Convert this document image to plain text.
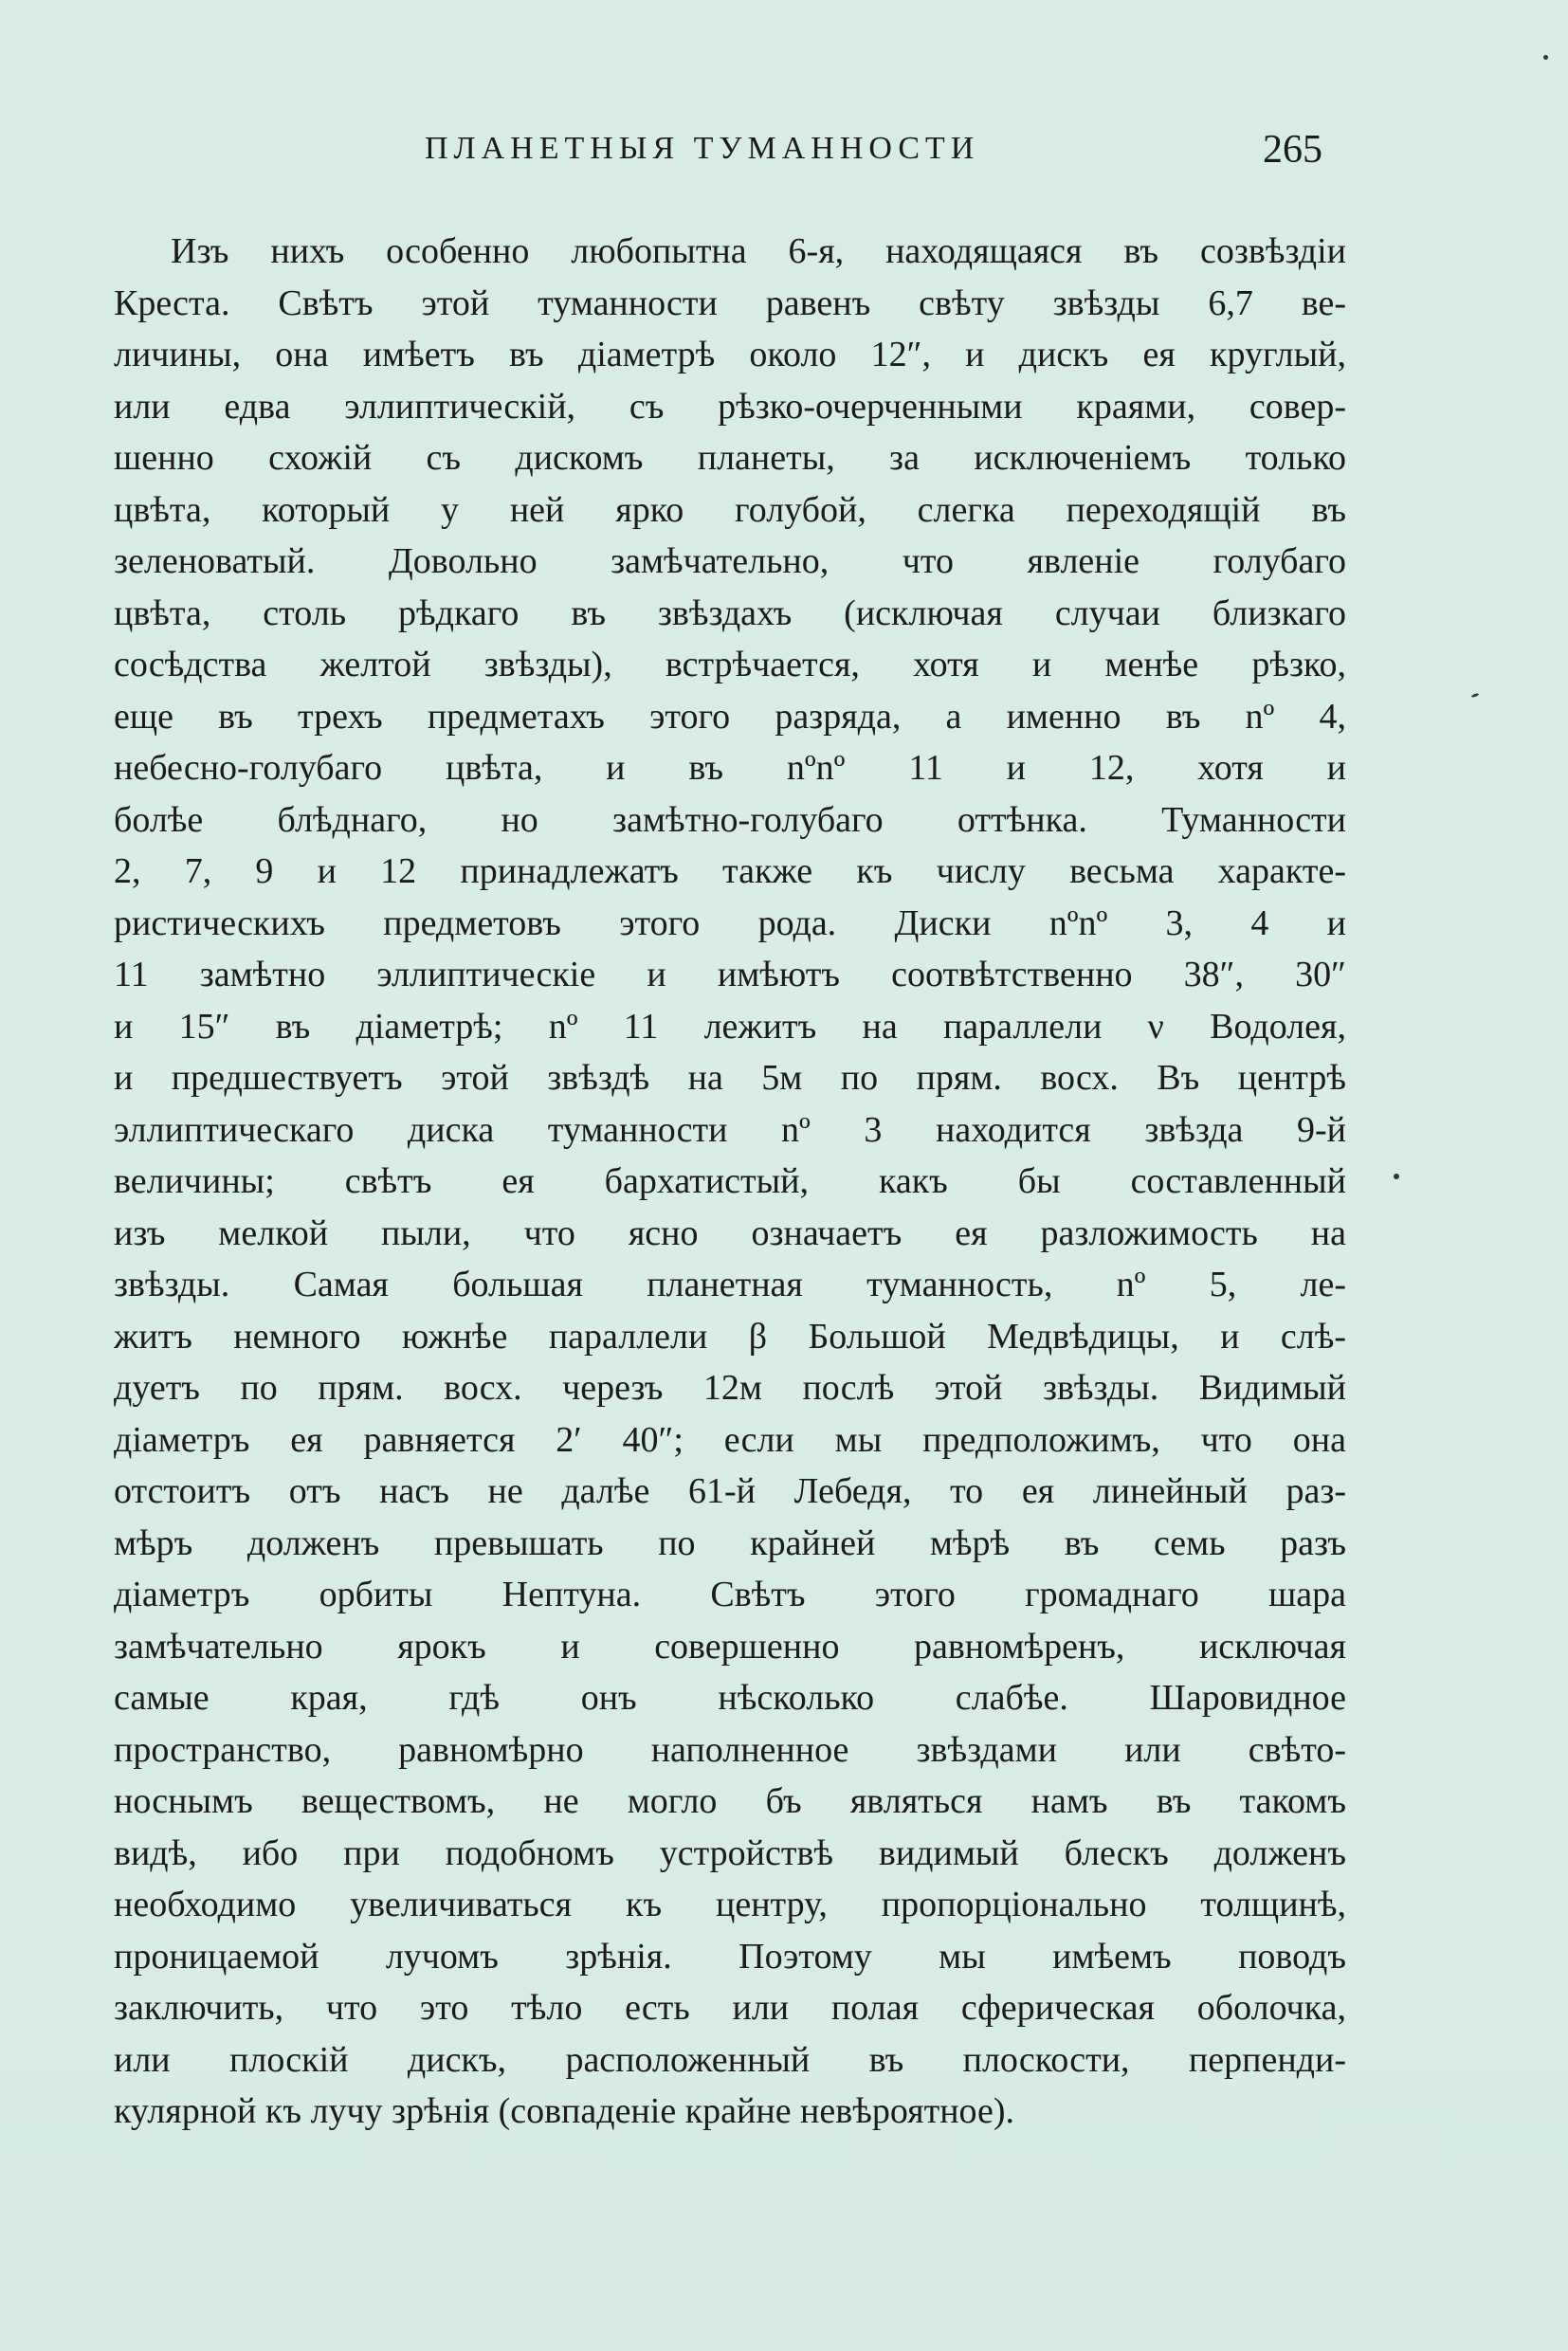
ПЛАНЕТНЫЯ ТУМАННОСТИ	265
Изъ нихъ особенно любопытна 6-я, находящаяся въ созвѣздіи
Креста. Свѣтъ этой туманности равенъ свѣту звѣзды 6,7 ве-
личины, она имѣетъ въ діаметрѣ около 12″, и дискъ ея круглый,
или едва эллиптическій, съ рѣзко-очерченными краями, совер-
шенно схожій съ дискомъ планеты, за исключеніемъ только
цвѣта, который у ней ярко голубой, слегка переходящій въ
зеленоватый. Довольно замѣчательно, что явленіе голубаго
цвѣта, столь рѣдкаго въ звѣздахъ (исключая случаи близкаго
сосѣдства желтой звѣзды), встрѣчается, хотя и менѣе рѣзко,
еще въ трехъ предметахъ этого разряда, а именно въ nº 4,
небесно-голубаго цвѣта, и въ nºnº 11 и 12, хотя и
болѣе блѣднаго, но замѣтно-голубаго оттѣнка. Туманности
2, 7, 9 и 12 принадлежатъ также къ числу весьма характе-
ристическихъ предметовъ этого рода. Диски nºnº 3, 4 и
11 замѣтно эллиптическіе и имѣютъ соотвѣтственно 38″, 30″
и 15″ въ діаметрѣ; nº 11 лежитъ на параллели ν Водолея,
и предшествуетъ этой звѣздѣ на 5м по прям. восх. Въ центрѣ
эллиптическаго диска туманности nº 3 находится звѣзда 9-й
величины; свѣтъ ея бархатистый, какъ бы составленный
изъ мелкой пыли, что ясно означаетъ ея разложимость на
звѣзды. Самая большая планетная туманность, nº 5, ле-
житъ немного южнѣе параллели β Большой Медвѣдицы, и слѣ-
дуетъ по прям. восх. черезъ 12м послѣ этой звѣзды. Видимый
діаметръ ея равняется 2′ 40″; если мы предположимъ, что она
отстоитъ отъ насъ не далѣе 61-й Лебедя, то ея линейный раз-
мѣръ долженъ превышать по крайней мѣрѣ въ семь разъ
діаметръ орбиты Нептуна. Свѣтъ этого громаднаго шара
замѣчательно ярокъ и совершенно равномѣренъ, исключая
самые края, гдѣ онъ нѣсколько слабѣе. Шаровидное
пространство, равномѣрно наполненное звѣздами или свѣто-
носнымъ веществомъ, не могло бъ являться намъ въ такомъ
видѣ, ибо при подобномъ устройствѣ видимый блескъ долженъ
необходимо увеличиваться къ центру, пропорціонально толщинѣ,
проницаемой лучомъ зрѣнія. Поэтому мы имѣемъ поводъ
заключить, что это тѣло есть или полая сферическая оболочка,
или плоскій дискъ, расположенный въ плоскости, перпенди-
кулярной къ лучу зрѣнія (совпаденіе крайне невѣроятное).
